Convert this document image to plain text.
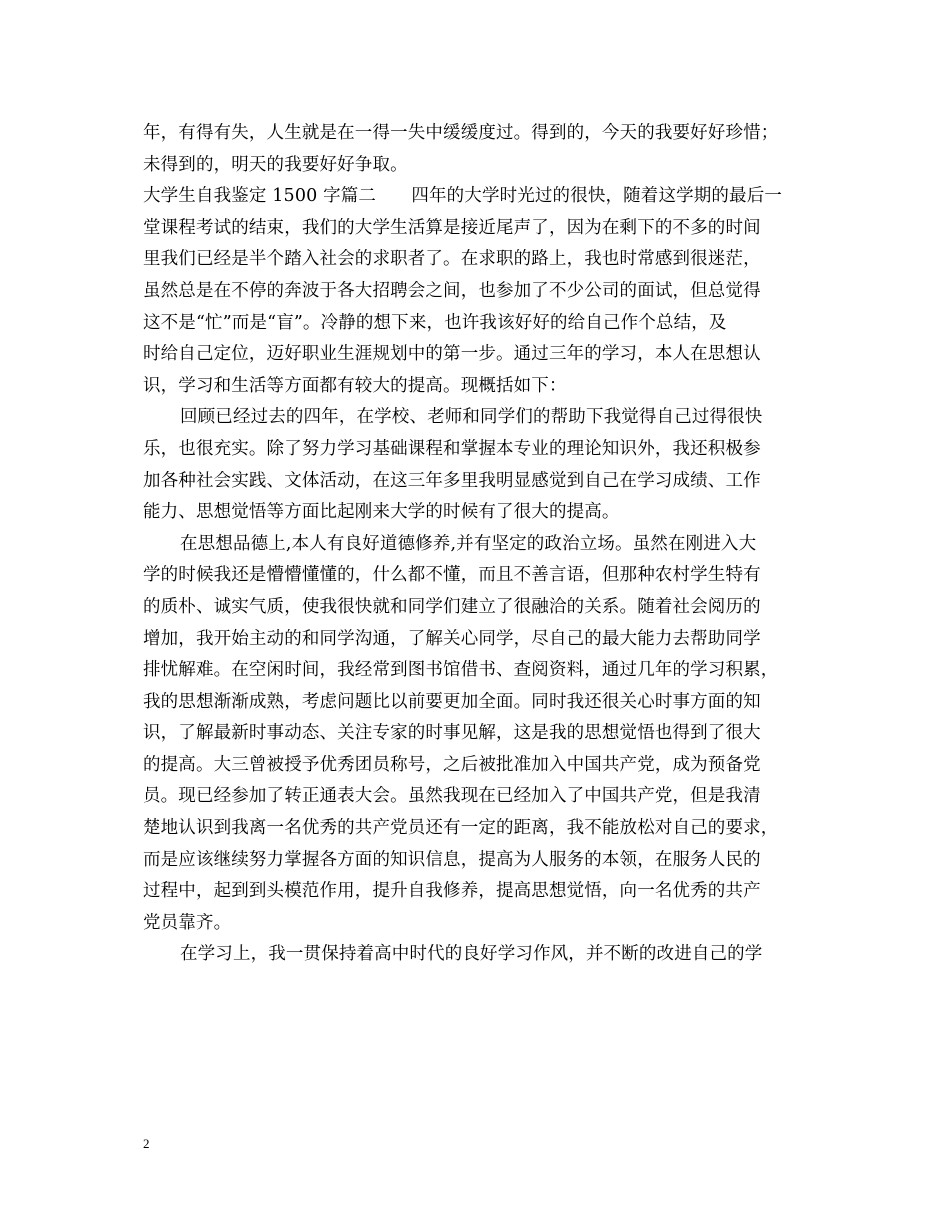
年，有得有失，人生就是在一得一失中缓缓度过。得到的，今天的我要好好珍惜；
未得到的，明天的我要好好争取。
大学生自我鉴定 1500 字篇二　　四年的大学时光过的很快，随着这学期的最后一
堂课程考试的结束，我们的大学生活算是接近尾声了，因为在剩下的不多的时间
里我们已经是半个踏入社会的求职者了。在求职的路上，我也时常感到很迷茫，
虽然总是在不停的奔波于各大招聘会之间，也参加了不少公司的面试，但总觉得
这不是“忙”而是“盲”。冷静的想下来，也许我该好好的给自己作个总结，及
时给自己定位，迈好职业生涯规划中的第一步。通过三年的学习，本人在思想认
识，学习和生活等方面都有较大的提高。现概括如下：
回顾已经过去的四年，在学校、老师和同学们的帮助下我觉得自己过得很快
乐，也很充实。除了努力学习基础课程和掌握本专业的理论知识外，我还积极参
加各种社会实践、文体活动，在这三年多里我明显感觉到自己在学习成绩、工作
能力、思想觉悟等方面比起刚来大学的时候有了很大的提高。
在思想品德上,本人有良好道德修养,并有坚定的政治立场。虽然在刚进入大
学的时候我还是懵懵懂懂的，什么都不懂，而且不善言语，但那种农村学生特有
的质朴、诚实气质，使我很快就和同学们建立了很融洽的关系。随着社会阅历的
增加，我开始主动的和同学沟通，了解关心同学，尽自己的最大能力去帮助同学
排忧解难。在空闲时间，我经常到图书馆借书、查阅资料，通过几年的学习积累，
我的思想渐渐成熟，考虑问题比以前要更加全面。同时我还很关心时事方面的知
识，了解最新时事动态、关注专家的时事见解，这是我的思想觉悟也得到了很大
的提高。大三曾被授予优秀团员称号，之后被批准加入中国共产党，成为预备党
员。现已经参加了转正通表大会。虽然我现在已经加入了中国共产党，但是我清
楚地认识到我离一名优秀的共产党员还有一定的距离，我不能放松对自己的要求，
而是应该继续努力掌握各方面的知识信息，提高为人服务的本领，在服务人民的
过程中，起到到头模范作用，提升自我修养，提高思想觉悟，向一名优秀的共产
党员靠齐。
在学习上，我一贯保持着高中时代的良好学习作风，并不断的改进自己的学
2
